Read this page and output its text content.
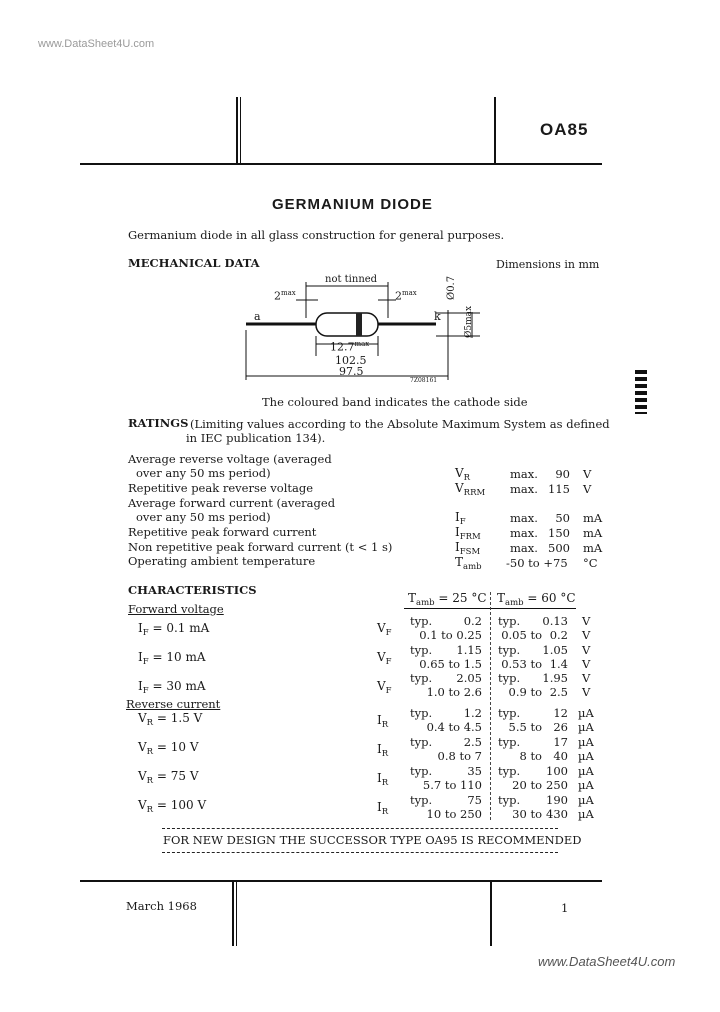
www.DataSheet4U.com
www.DataSheet4U.com
OA85
GERMANIUM DIODE
Germanium diode in all glass construction for general purposes.
MECHANICAL DATA	Dimensions in mm
not tinned
$2^{max}$	$2^{max}$	Ø0.7
Ø5max
a	k
$12.7^{max}$
102.5
97.5
7Z08161
The coloured band indicates the cathode side
RATINGS (Limiting values according to the Absolute Maximum System as defined
in IEC publication 134).
Average reverse voltage (averaged
over any 50 ms period)	$V_R$	max.	90 V
Repetitive peak reverse voltage	$V_{RRM}$ max. 115 V
Average forward current (averaged
over any 50 ms period)	$I_F$	max.	50 mA
Repetitive peak forward current	$I_{FRM}$	max. 150 mA
Non repetitive peak forward current (t < 1 s)	$I_{FSM}$	max. 500 mA
Operating ambient temperature	$T_{amb}$ -50 to +75 °C
CHARACTERISTICS
$T_{amb} = 25$ °C $T_{amb} = 60$ °C
Forward voltage
$I_F = 0.1$ mA	$V_F$
typ.	0.2 typ.	0.13 V
0.1 to 0.25	0.05 to 0.2 V
$I_F = 10$ mA	$V_F$
typ.	1.15 typ.	1.05 V
0.65 to 1.5	0.53 to 1.4 V
$I_F = 30$ mA	$V_F$
typ.	2.05 typ.	1.95 V
1.0 to 2.6	0.9 to 2.5 V
Reverse current
$V_R = 1.5$ V	$I_R$
typ.	1.2 typ.	12 µA
0.4 to 4.5	5.5 to 26 µA
$V_R = 10$ V	$I_R$
typ.	2.5 typ.	17 µA
0.8 to 7	8 to 40 µA
$V_R = 75$ V	$I_R$
typ.	35 typ.	100 µA
5.7 to 110	20 to 250 µA
$V_R = 100$ V	$I_R$
typ.	75 typ.	190 µA
10 to 250	30 to 430 µA
FOR NEW DESIGN THE SUCCESSOR TYPE OA95 IS RECOMMENDED
March 1968	1
